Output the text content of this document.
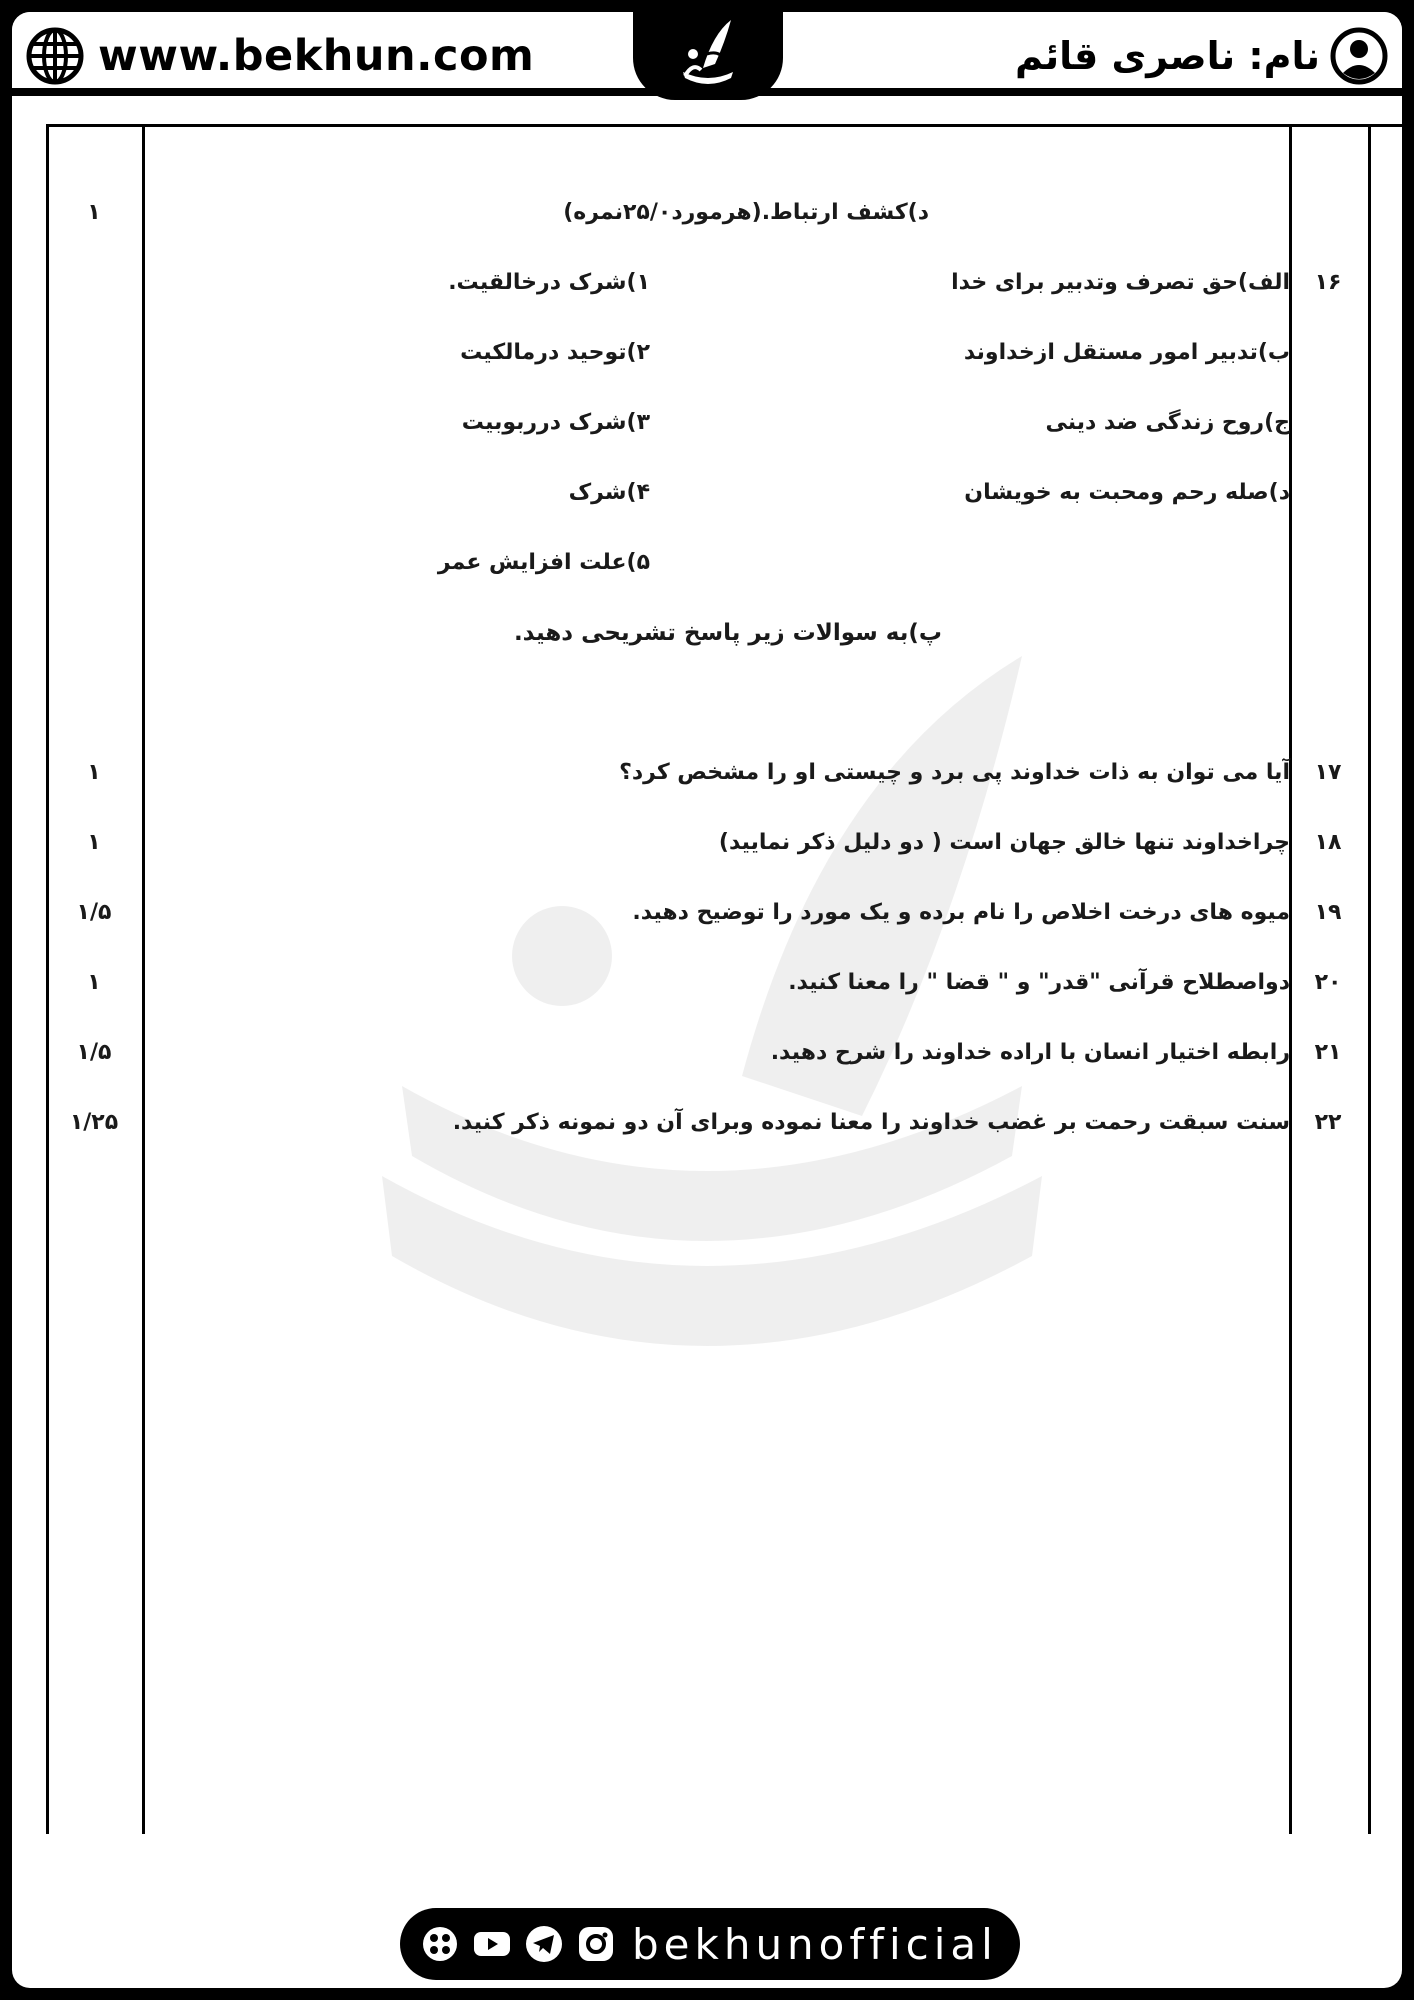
www.bekhun.com	نام: ناصری قائم
د)کشف ارتباط.(هرمورد۲۵/۰نمره)
۱
۱۶
الف)حق تصرف وتدبیر برای خدا
ب)تدبیر امور مستقل ازخداوند
ج)روح زندگی ضد دینی
د)صله رحم ومحبت به خویشان
۱)شرک درخالقیت.
۲)توحید درمالکیت
۳)شرک درربوبیت
۴)شرک
۵)علت افزایش عمر
پ)به سوالات زیر پاسخ تشریحی دهید.
۱۷
آیا می توان به ذات خداوند پی برد و چیستی او را مشخص کرد؟
۱
۱۸
چراخداوند تنها خالق جهان است ( دو دلیل ذکر نمایید)
۱
۱۹
میوه های درخت اخلاص را نام برده و یک مورد را توضیح دهید.
۱/۵
۲۰
دواصطلاح قرآنی "قدر" و " قضا " را معنا کنید.
۱
۲۱
رابطه اختیار انسان با اراده خداوند را شرح دهید.
۱/۵
۲۲
سنت سبقت رحمت بر غضب خداوند را معنا نموده وبرای آن دو نمونه ذکر کنید.
۱/۲۵
bekhunofficial
